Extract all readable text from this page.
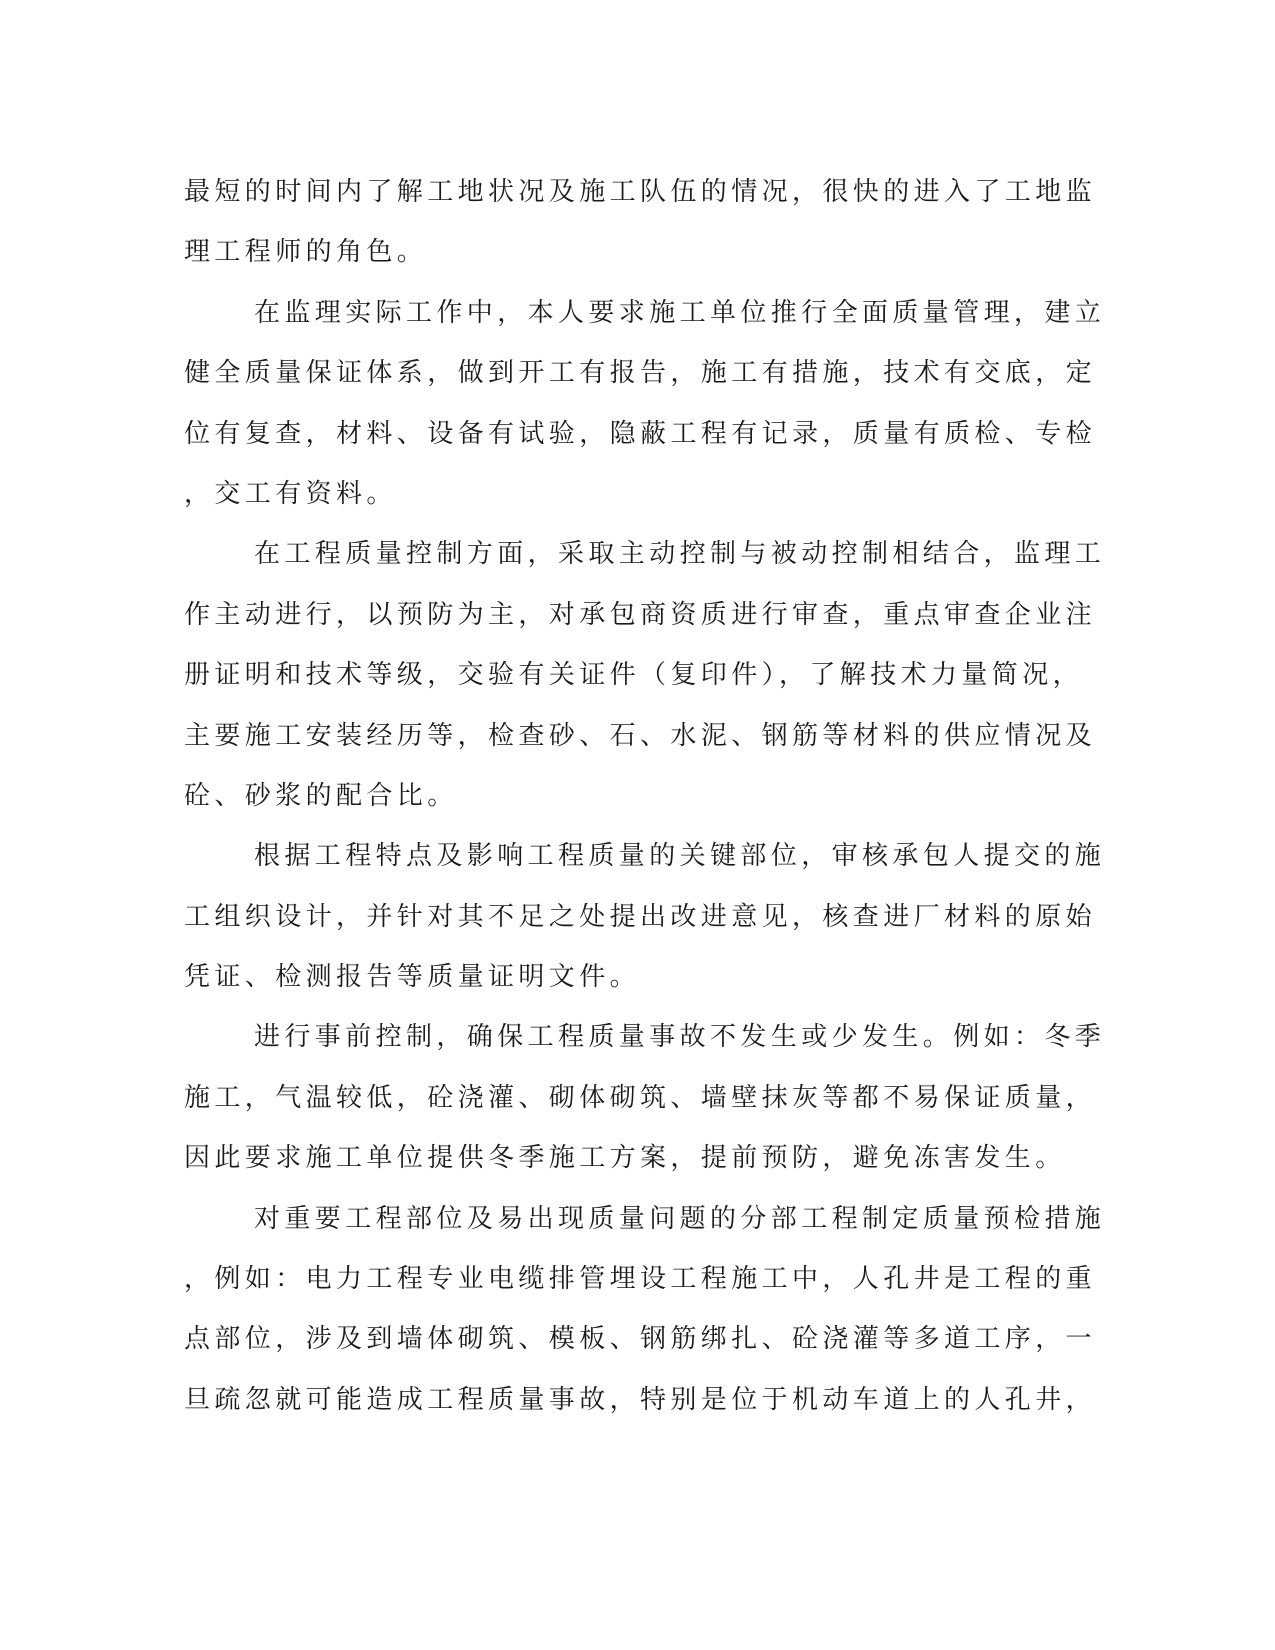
最短的时间内了解工地状况及施工队伍的情况，很快的进入了工地监
理工程师的角色。
在监理实际工作中，本人要求施工单位推行全面质量管理，建立
健全质量保证体系，做到开工有报告，施工有措施，技术有交底，定
位有复查，材料、设备有试验，隐蔽工程有记录，质量有质检、专检
，交工有资料。
在工程质量控制方面，采取主动控制与被动控制相结合，监理工
作主动进行，以预防为主，对承包商资质进行审查，重点审查企业注
册证明和技术等级，交验有关证件（复印件），了解技术力量简况，
主要施工安装经历等，检查砂、石、水泥、钢筋等材料的供应情况及
砼、砂浆的配合比。
根据工程特点及影响工程质量的关键部位，审核承包人提交的施
工组织设计，并针对其不足之处提出改进意见，核查进厂材料的原始
凭证、检测报告等质量证明文件。
进行事前控制，确保工程质量事故不发生或少发生。例如：冬季
施工，气温较低，砼浇灌、砌体砌筑、墙壁抹灰等都不易保证质量，
因此要求施工单位提供冬季施工方案，提前预防，避免冻害发生。
对重要工程部位及易出现质量问题的分部工程制定质量预检措施
，例如：电力工程专业电缆排管埋设工程施工中，人孔井是工程的重
点部位，涉及到墙体砌筑、模板、钢筋绑扎、砼浇灌等多道工序，一
旦疏忽就可能造成工程质量事故，特别是位于机动车道上的人孔井，
